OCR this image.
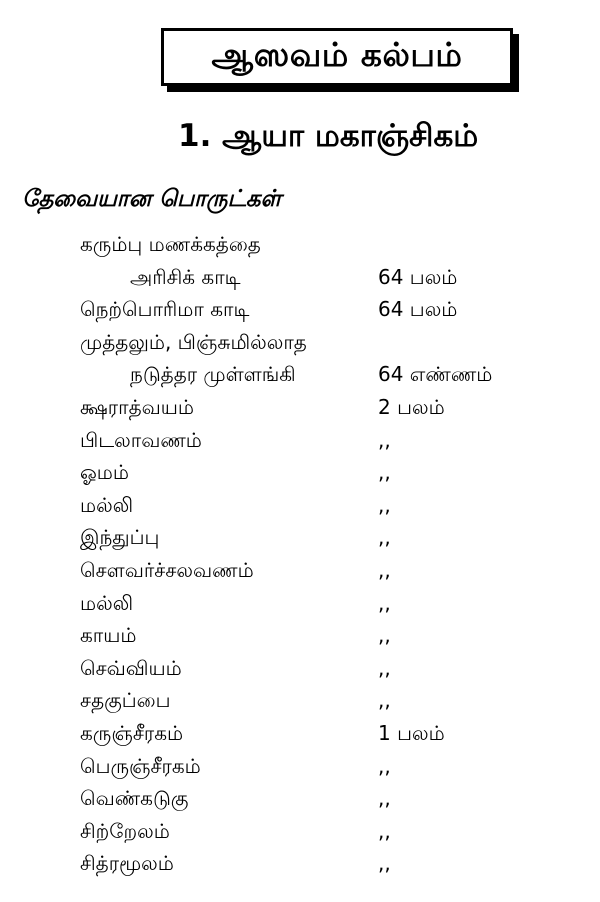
ஆஸவம் கல்பம்
1. ஆயா மகாஞ்சிகம்
தேவையான பொருட்கள்
கரும்பு மணக்கத்தை
அரிசிக் காடி	64 பலம்
நெற்பொரிமா காடி	64 பலம்
முத்தலும், பிஞ்சுமில்லாத
நடுத்தர முள்ளங்கி	64 எண்ணம்
க்ஷராத்வயம்	2 பலம்
பிடலாவணம்	,,
ஓமம்	,,
மல்லி	,,
இந்துப்பு	,,
சௌவர்ச்சலவணம்	,,
மல்லி	,,
காயம்	,,
செவ்வியம்	,,
சதகுப்பை	,,
கருஞ்சீரகம்	1 பலம்
பெருஞ்சீரகம்	,,
வெண்கடுகு	,,
சிற்றேலம்	,,
சித்ரமூலம்	,,
